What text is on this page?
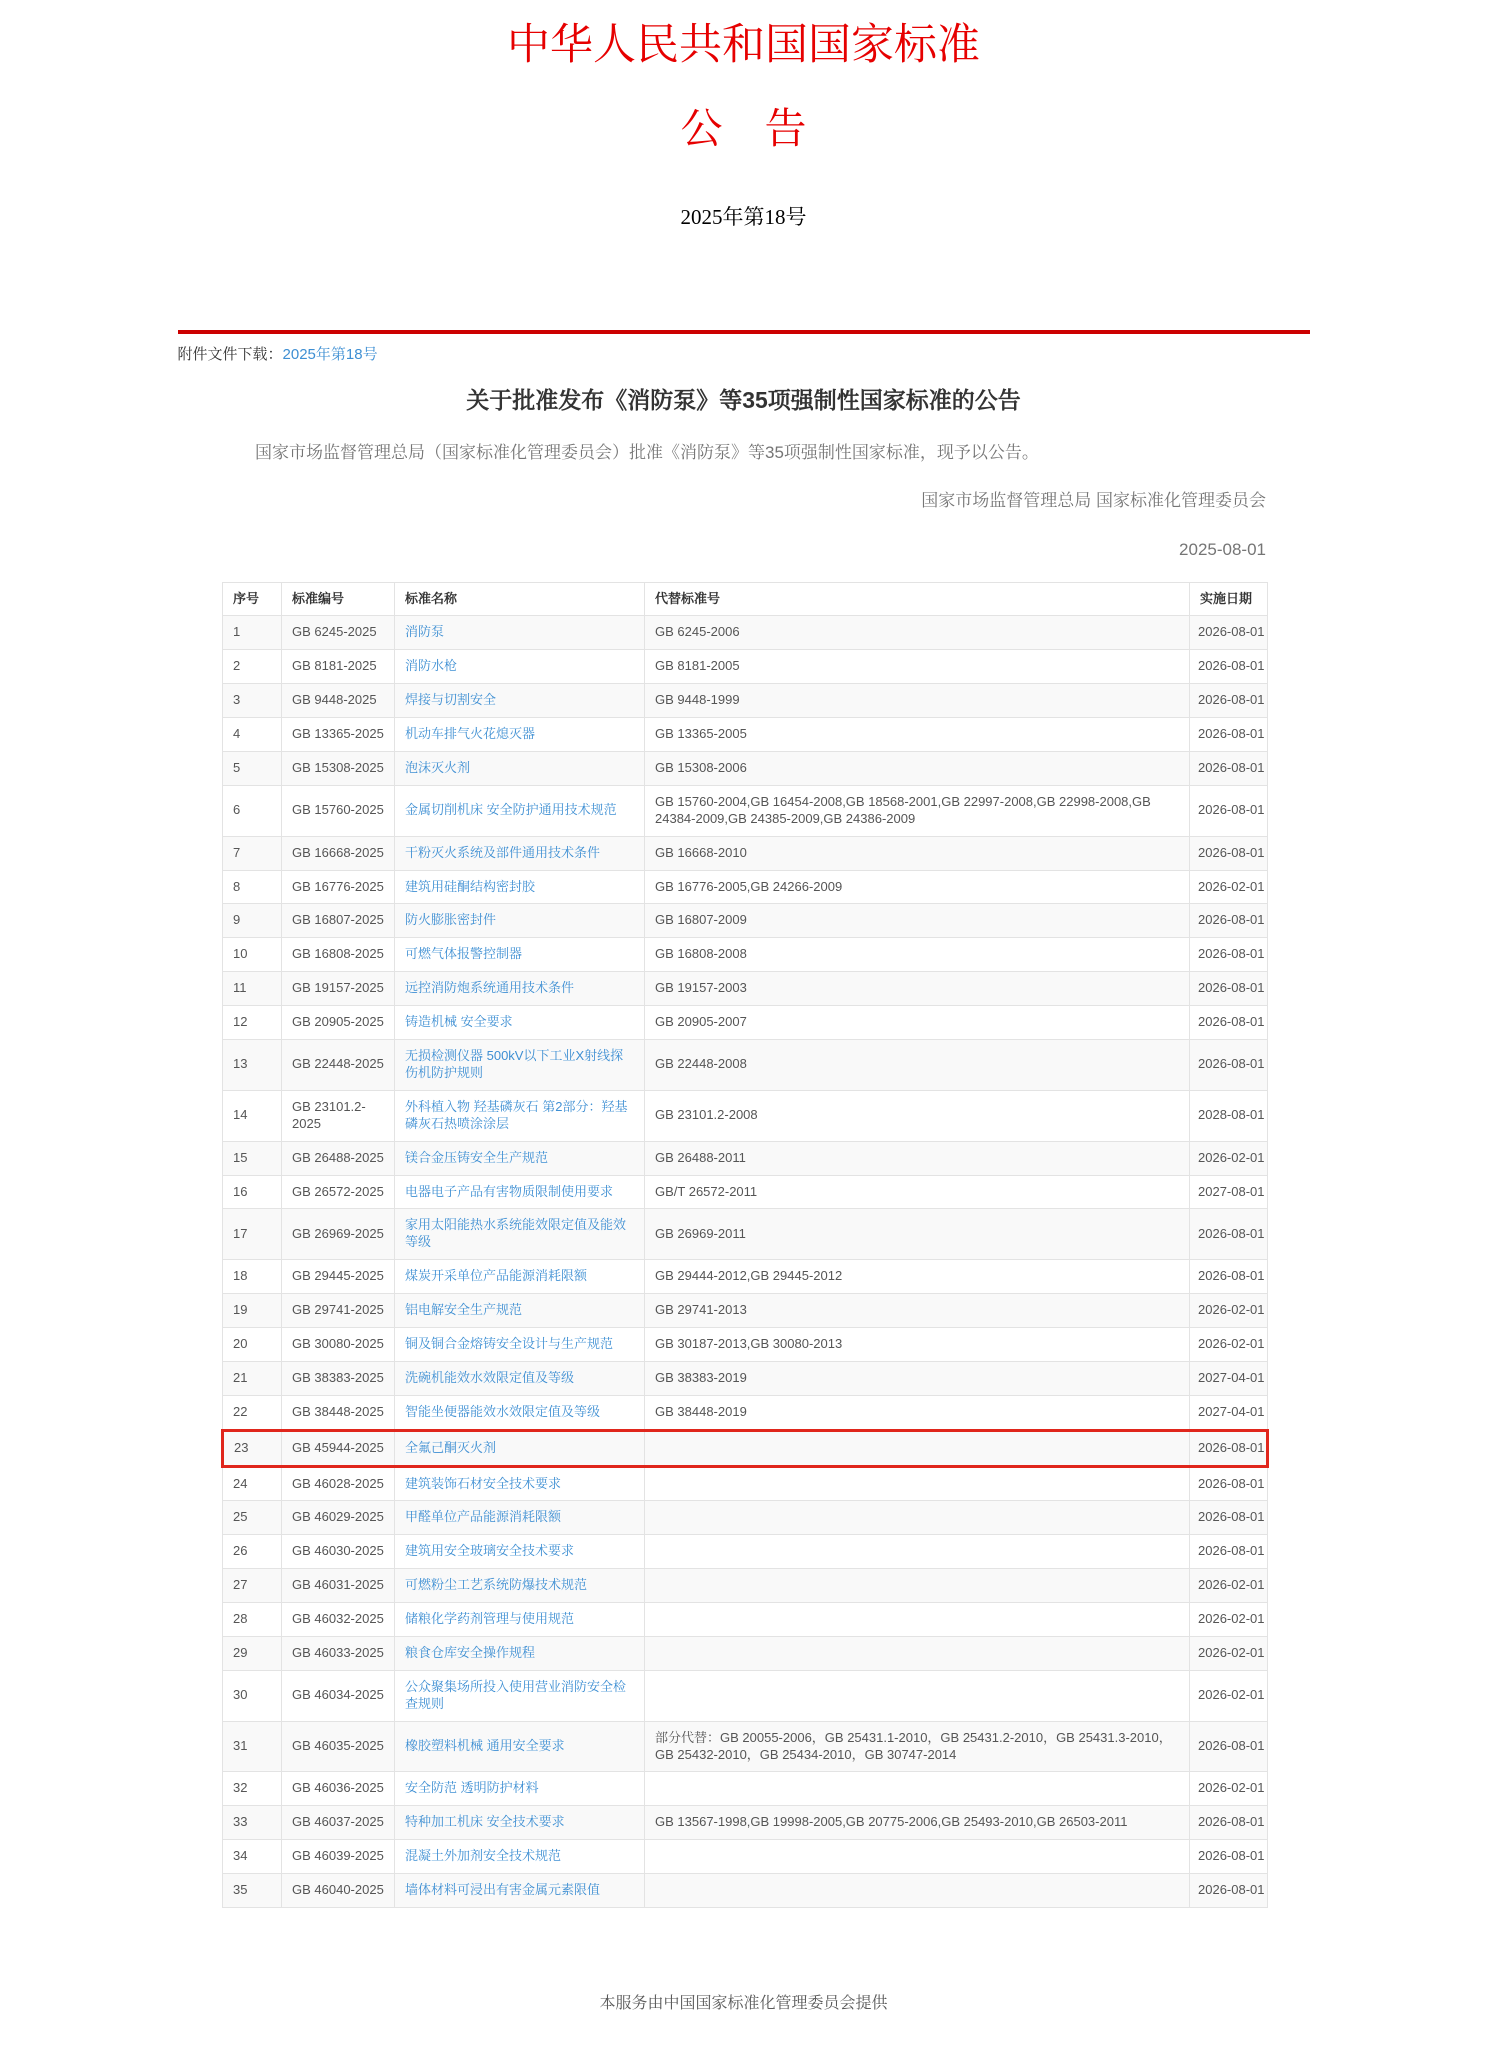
中华人民共和国国家标准
公　告
2025年第18号
附件文件下载：2025年第18号
关于批准发布《消防泵》等35项强制性国家标准的公告

国家市场监督管理总局（国家标准化管理委员会）批准《消防泵》等35项强制性国家标准，现予以公告。

国家市场监督管理总局 国家标准化管理委员会

2025-08-01

序号	标准编号	标准名称	代替标准号	实施日期
1	GB 6245-2025	消防泵	GB 6245-2006	2026-08-01
2	GB 8181-2025	消防水枪	GB 8181-2005	2026-08-01
3	GB 9448-2025	焊接与切割安全	GB 9448-1999	2026-08-01
4	GB 13365-2025	机动车排气火花熄灭器	GB 13365-2005	2026-08-01
5	GB 15308-2025	泡沫灭火剂	GB 15308-2006	2026-08-01
6	GB 15760-2025	金属切削机床 安全防护通用技术规范	GB 15760-2004,GB 16454-2008,GB 18568-2001,GB 22997-2008,GB 22998-2008,GB 24384-2009,GB 24385-2009,GB 24386-2009	2026-08-01
7	GB 16668-2025	干粉灭火系统及部件通用技术条件	GB 16668-2010	2026-08-01
8	GB 16776-2025	建筑用硅酮结构密封胶	GB 16776-2005,GB 24266-2009	2026-02-01
9	GB 16807-2025	防火膨胀密封件	GB 16807-2009	2026-08-01
10	GB 16808-2025	可燃气体报警控制器	GB 16808-2008	2026-08-01
11	GB 19157-2025	远控消防炮系统通用技术条件	GB 19157-2003	2026-08-01
12	GB 20905-2025	铸造机械 安全要求	GB 20905-2007	2026-08-01
13	GB 22448-2025	无损检测仪器 500kV以下工业X射线探伤机防护规则	GB 22448-2008	2026-08-01
14	GB 23101.2-2025	外科植入物 羟基磷灰石 第2部分：羟基磷灰石热喷涂涂层	GB 23101.2-2008	2028-08-01
15	GB 26488-2025	镁合金压铸安全生产规范	GB 26488-2011	2026-02-01
16	GB 26572-2025	电器电子产品有害物质限制使用要求	GB/T 26572-2011	2027-08-01
17	GB 26969-2025	家用太阳能热水系统能效限定值及能效等级	GB 26969-2011	2026-08-01
18	GB 29445-2025	煤炭开采单位产品能源消耗限额	GB 29444-2012,GB 29445-2012	2026-08-01
19	GB 29741-2025	铝电解安全生产规范	GB 29741-2013	2026-02-01
20	GB 30080-2025	铜及铜合金熔铸安全设计与生产规范	GB 30187-2013,GB 30080-2013	2026-02-01
21	GB 38383-2025	洗碗机能效水效限定值及等级	GB 38383-2019	2027-04-01
22	GB 38448-2025	智能坐便器能效水效限定值及等级	GB 38448-2019	2027-04-01
23	GB 45944-2025	全氟己酮灭火剂		2026-08-01
24	GB 46028-2025	建筑装饰石材安全技术要求		2026-08-01
25	GB 46029-2025	甲醛单位产品能源消耗限额		2026-08-01
26	GB 46030-2025	建筑用安全玻璃安全技术要求		2026-08-01
27	GB 46031-2025	可燃粉尘工艺系统防爆技术规范		2026-02-01
28	GB 46032-2025	储粮化学药剂管理与使用规范		2026-02-01
29	GB 46033-2025	粮食仓库安全操作规程		2026-02-01
30	GB 46034-2025	公众聚集场所投入使用营业消防安全检查规则		2026-02-01
31	GB 46035-2025	橡胶塑料机械 通用安全要求	部分代替：GB 20055-2006，GB 25431.1-2010，GB 25431.2-2010，GB 25431.3-2010，GB 25432-2010，GB 25434-2010，GB 30747-2014	2026-08-01
32	GB 46036-2025	安全防范 透明防护材料		2026-02-01
33	GB 46037-2025	特种加工机床 安全技术要求	GB 13567-1998,GB 19998-2005,GB 20775-2006,GB 25493-2010,GB 26503-2011	2026-08-01
34	GB 46039-2025	混凝土外加剂安全技术规范		2026-08-01
35	GB 46040-2025	墙体材料可浸出有害金属元素限值		2026-08-01
本服务由中国国家标准化管理委员会提供
